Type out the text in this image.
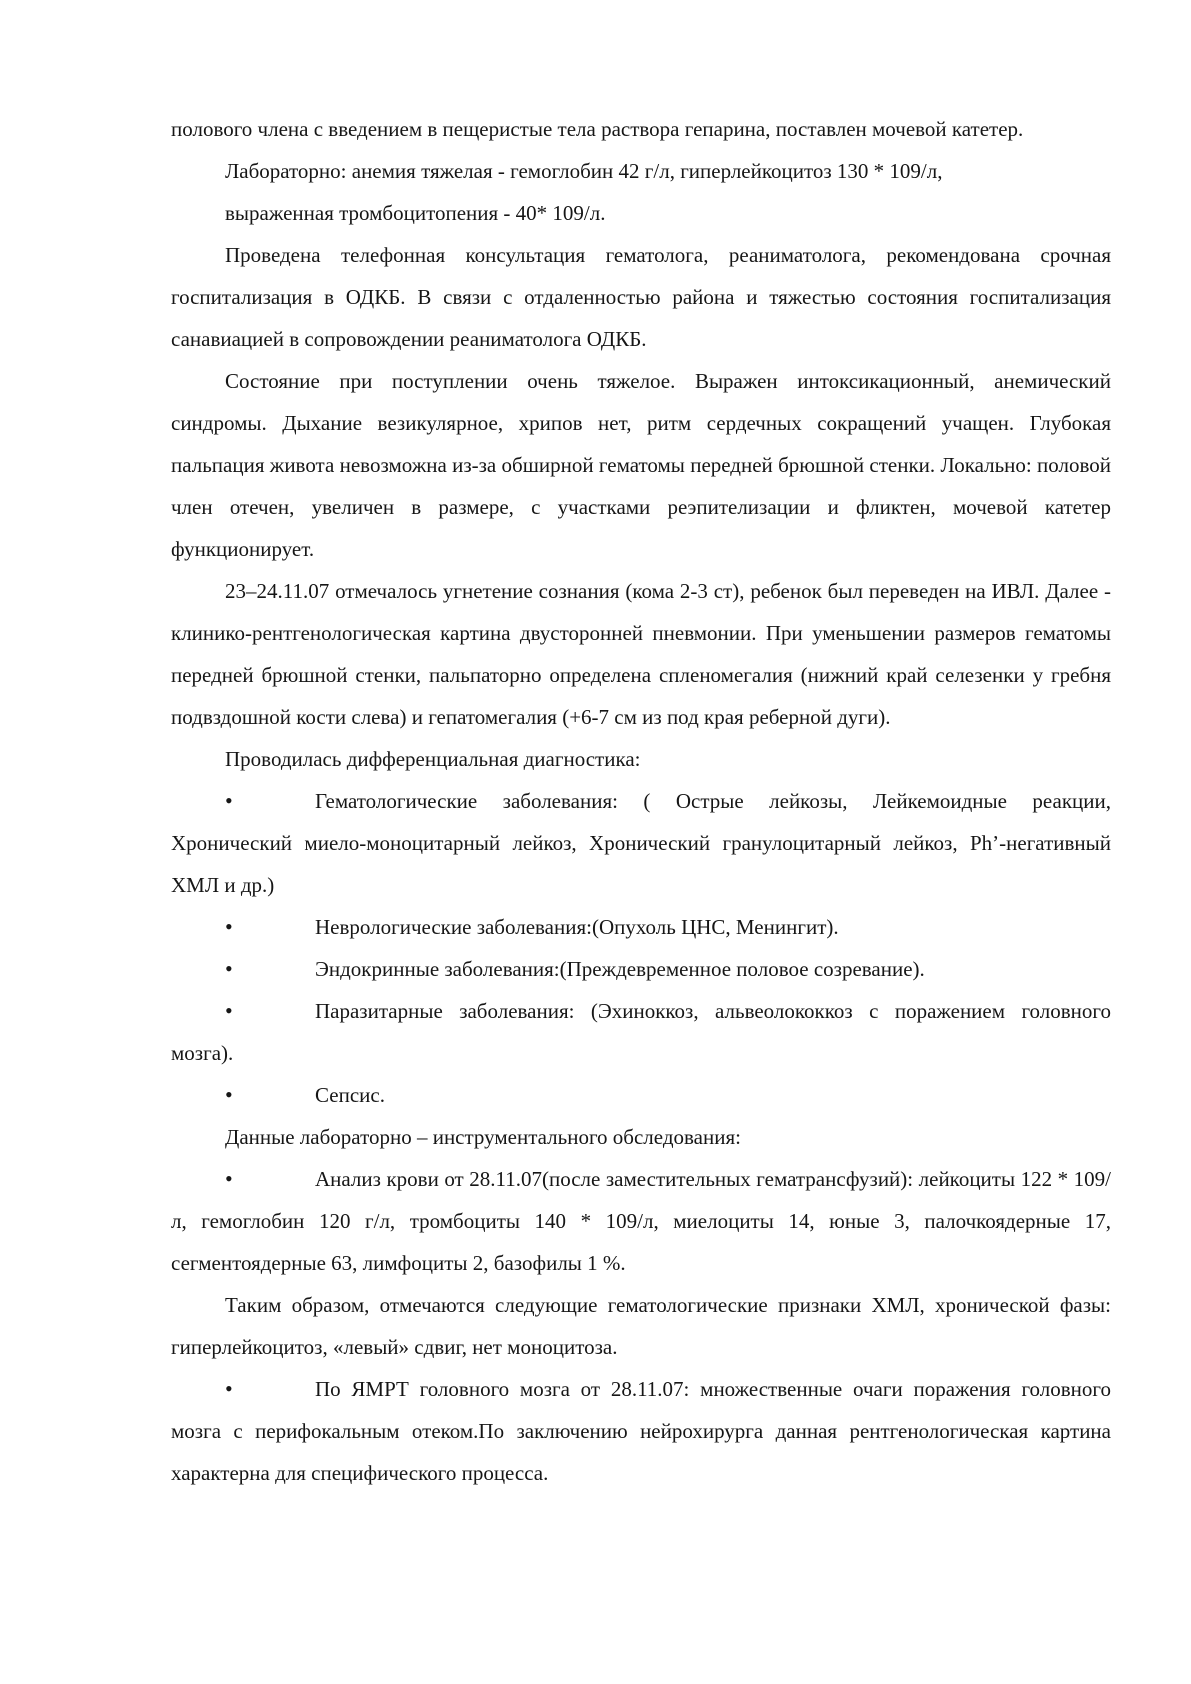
полового члена с введением в пещеристые тела раствора гепарина, поставлен мочевой катетер.

Лабораторно: анемия тяжелая - гемоглобин 42 г/л, гиперлейкоцитоз 130 * 109/л,

выраженная тромбоцитопения - 40* 109/л.

Проведена телефонная консультация гематолога, реаниматолога, рекомендована срочная госпитализация в ОДКБ. В связи с отдаленностью района и тяжестью состояния госпитализация санавиацией в сопровождении реаниматолога ОДКБ.

Состояние при поступлении очень тяжелое. Выражен интоксикационный, анемический синдромы. Дыхание везикулярное, хрипов нет, ритм сердечных сокращений учащен. Глубокая пальпация живота невозможна из-за обширной гематомы передней брюшной стенки. Локально: половой член отечен, увеличен в размере, с участками реэпителизации и фликтен, мочевой катетер функционирует.

23–24.11.07 отмечалось угнетение сознания (кома 2-3 ст), ребенок был переведен на ИВЛ. Далее - клинико-рентгенологическая картина двусторонней пневмонии. При уменьшении размеров гематомы передней брюшной стенки, пальпаторно определена спленомегалия (нижний край селезенки у гребня подвздошной кости слева) и гепатомегалия (+6-7 см из под края реберной дуги).

Проводилась дифференциальная диагностика:

•Гематологические заболевания: ( Острые лейкозы, Лейкемоидные реакции, Хронический миело-моноцитарный лейкоз, Хронический гранулоцитарный лейкоз, Ph’-негативный ХМЛ и др.)

•Неврологические заболевания:(Опухоль ЦНС, Менингит).

•Эндокринные заболевания:(Преждевременное половое созревание).

•Паразитарные заболевания: (Эхиноккоз, альвеолококкоз с поражением головного мозга).

•Сепсис.

Данные лабораторно – инструментального обследования:

•Анализ крови от 28.11.07(после заместительных гематрансфузий): лейкоциты 122 * 109/л, гемоглобин 120 г/л, тромбоциты 140 * 109/л, миелоциты 14, юные 3, палочкоядерные 17, сегментоядерные 63, лимфоциты 2, базофилы 1 %.

Таким образом, отмечаются следующие гематологические признаки ХМЛ, хронической фазы: гиперлейкоцитоз, «левый» сдвиг, нет моноцитоза.

•По ЯМРТ головного мозга от 28.11.07: множественные очаги поражения головного мозга с перифокальным отеком.По заключению нейрохирурга данная рентгенологическая картина характерна для специфического процесса.
